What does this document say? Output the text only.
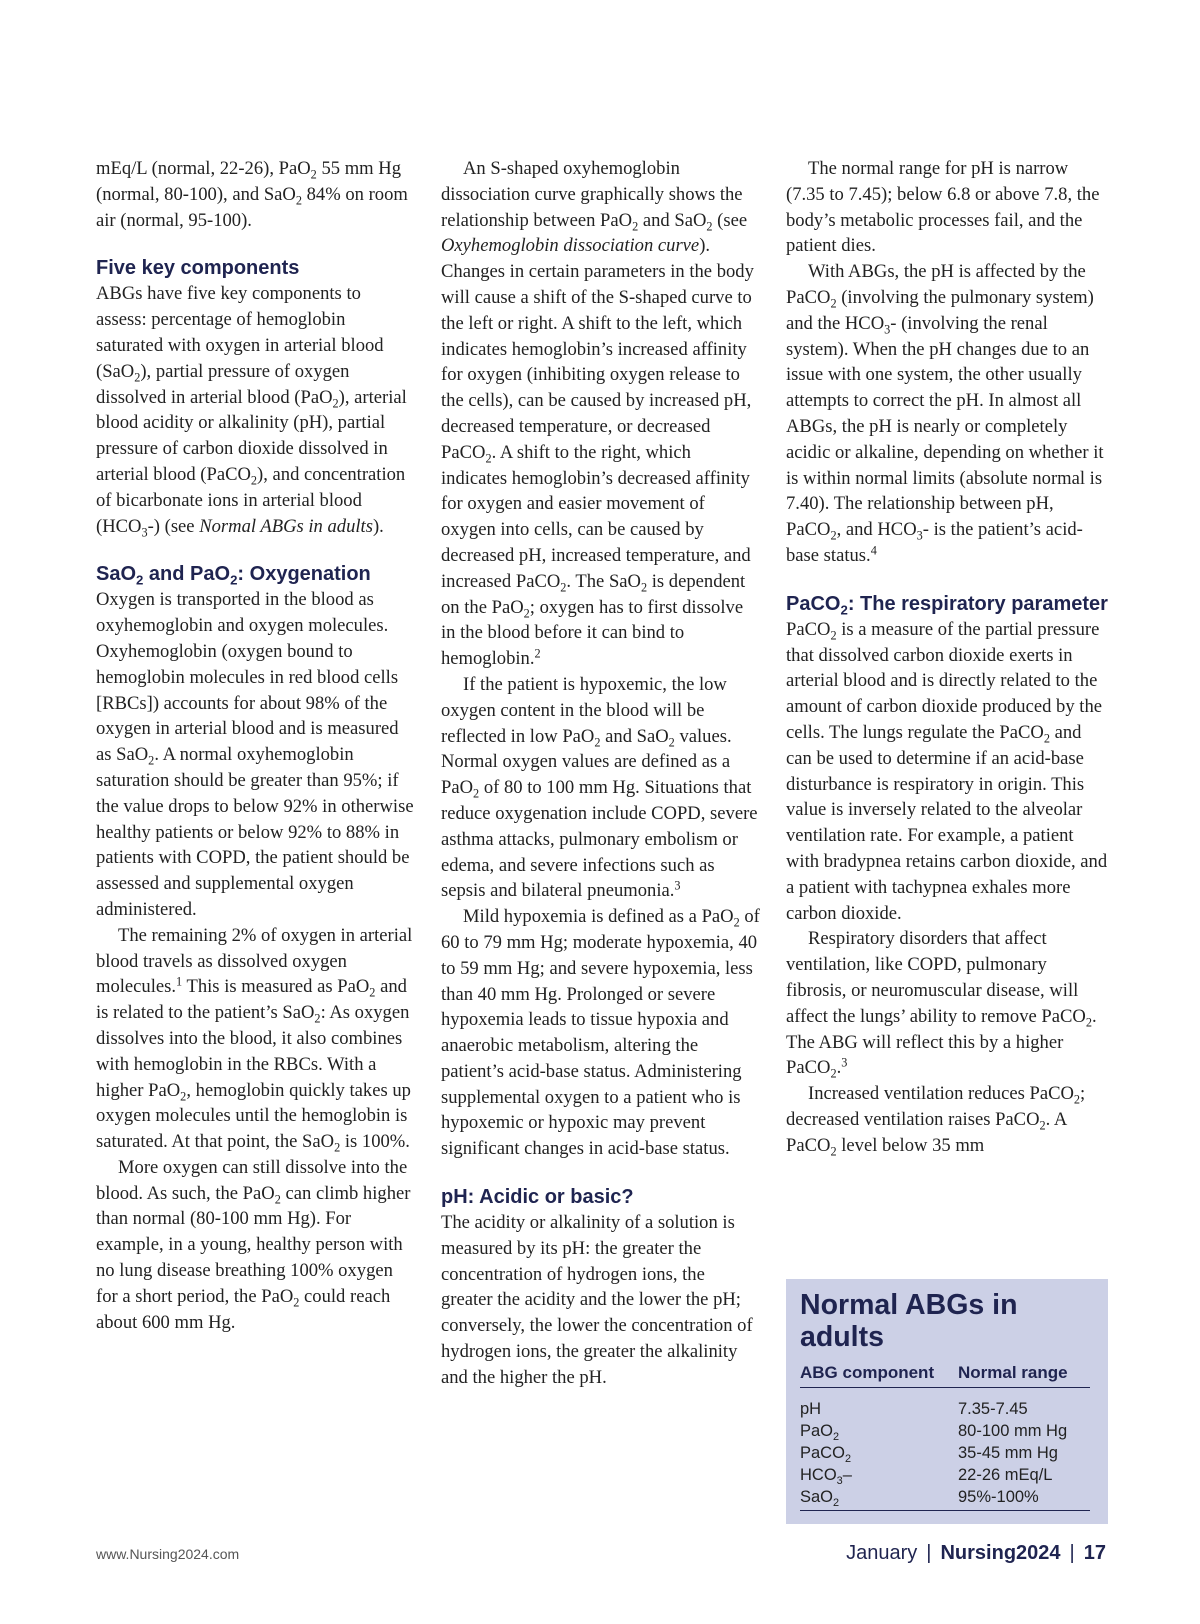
mEq/L (normal, 22-26), PaO$_2$ 55 mm Hg (normal, 80-100), and SaO$_2$ 84% on room air (normal, 95-100).

Five key components

ABGs have five key components to assess: percentage of hemoglobin saturated with oxygen in arterial blood (SaO$_2$), partial pressure of oxygen dissolved in arterial blood (PaO$_2$), arterial blood acidity or alkalinity (pH), partial pressure of carbon dioxide dissolved in arterial blood (PaCO$_2$), and concentration of bicarbonate ions in arterial blood $(HCO_3-)$ (see Normal ABGs in adults).

SaO$_2$ and PaO$_2$: Oxygenation

Oxygen is transported in the blood as oxyhemoglobin and oxygen molecules. Oxyhemoglobin (oxygen bound to hemoglobin molecules in red blood cells [RBCs]) accounts for about 98% of the oxygen in arterial blood and is measured as SaO$_2$. A normal oxyhemoglobin saturation should be greater than 95%; if the value drops to below 92% in otherwise healthy patients or below 92% to 88% in patients with COPD, the patient should be assessed and supplemental oxygen administered.

The remaining 2% of oxygen in arterial blood travels as dissolved oxygen molecules.$^1$ This is measured as PaO$_2$ and is related to the patient’s SaO$_2$: As oxygen dissolves into the blood, it also combines with hemoglobin in the RBCs. With a higher PaO$_2$, hemoglobin quickly takes up oxygen molecules until the hemoglobin is saturated. At that point, the SaO$_2$ is 100%.

More oxygen can still dissolve into the blood. As such, the PaO$_2$ can climb higher than normal (80-100 mm Hg). For example, in a young, healthy person with no lung disease breathing 100% oxygen for a short period, the PaO$_2$ could reach about 600 mm Hg.

An S-shaped oxyhemoglobin dissociation curve graphically shows the relationship between PaO$_2$ and SaO$_2$ (see Oxyhemoglobin dissociation curve). Changes in certain parameters in the body will cause a shift of the S-shaped curve to the left or right. A shift to the left, which indicates hemoglobin’s increased affinity for oxygen (inhibiting oxygen release to the cells), can be caused by increased pH, decreased temperature, or decreased PaCO$_2$. A shift to the right, which indicates hemoglobin’s decreased affinity for oxygen and easier movement of oxygen into cells, can be caused by decreased pH, increased temperature, and increased PaCO$_2$. The SaO$_2$ is dependent on the PaO$_2$; oxygen has to first dissolve in the blood before it can bind to hemoglobin.$^2$

If the patient is hypoxemic, the low oxygen content in the blood will be reflected in low PaO$_2$ and SaO$_2$ values. Normal oxygen values are defined as a PaO$_2$ of 80 to 100 mm Hg. Situations that reduce oxygenation include COPD, severe asthma attacks, pulmonary embolism or edema, and severe infections such as sepsis and bilateral pneumonia.$^3$

Mild hypoxemia is defined as a PaO$_2$ of 60 to 79 mm Hg; moderate hypoxemia, 40 to 59 mm Hg; and severe hypoxemia, less than 40 mm Hg. Prolonged or severe hypoxemia leads to tissue hypoxia and anaerobic metabolism, altering the patient’s acid-base status. Administering supplemental oxygen to a patient who is hypoxemic or hypoxic may prevent significant changes in acid-base status.

pH: Acidic or basic?

The acidity or alkalinity of a solution is measured by its pH: the greater the concentration of hydrogen ions, the greater the acidity and the lower the pH; conversely, the lower the concentration of hydrogen ions, the greater the alkalinity and the higher the pH.

The normal range for pH is narrow (7.35 to 7.45); below 6.8 or above 7.8, the body’s metabolic processes fail, and the patient dies.

With ABGs, the pH is affected by the PaCO$_2$ (involving the pulmonary system) and the $HCO_3-$ (involving the renal system). When the pH changes due to an issue with one system, the other usually attempts to correct the pH. In almost all ABGs, the pH is nearly or completely acidic or alkaline, depending on whether it is within normal limits (absolute normal is 7.40). The relationship between pH, PaCO$_2$, and $HCO_3-$ is the patient’s acid-base status.$^4$

PaCO$_2$: The respiratory parameter

PaCO$_2$ is a measure of the partial pressure that dissolved carbon dioxide exerts in arterial blood and is directly related to the amount of carbon dioxide produced by the cells. The lungs regulate the PaCO$_2$ and can be used to determine if an acid-base disturbance is respiratory in origin. This value is inversely related to the alveolar ventilation rate. For example, a patient with bradypnea retains carbon dioxide, and a patient with tachypnea exhales more carbon dioxide.

Respiratory disorders that affect ventilation, like COPD, pulmonary fibrosis, or neuromuscular disease, will affect the lungs’ ability to remove PaCO$_2$. The ABG will reflect this by a higher PaCO$_2$.$^3$

Increased ventilation reduces PaCO$_2$; decreased ventilation raises PaCO$_2$. A PaCO$_2$ level below 35 mm

Normal ABGs in adults
ABG component	Normal range
pH	7.35-7.45
PaO$_2$	80-100 mm Hg
PaCO$_2$	35-45 mm Hg
$HCO_3-$	22-26 mEq/L
SaO$_2$	95%-100%
www.Nursing2024.com	January | Nursing2024 | 17
